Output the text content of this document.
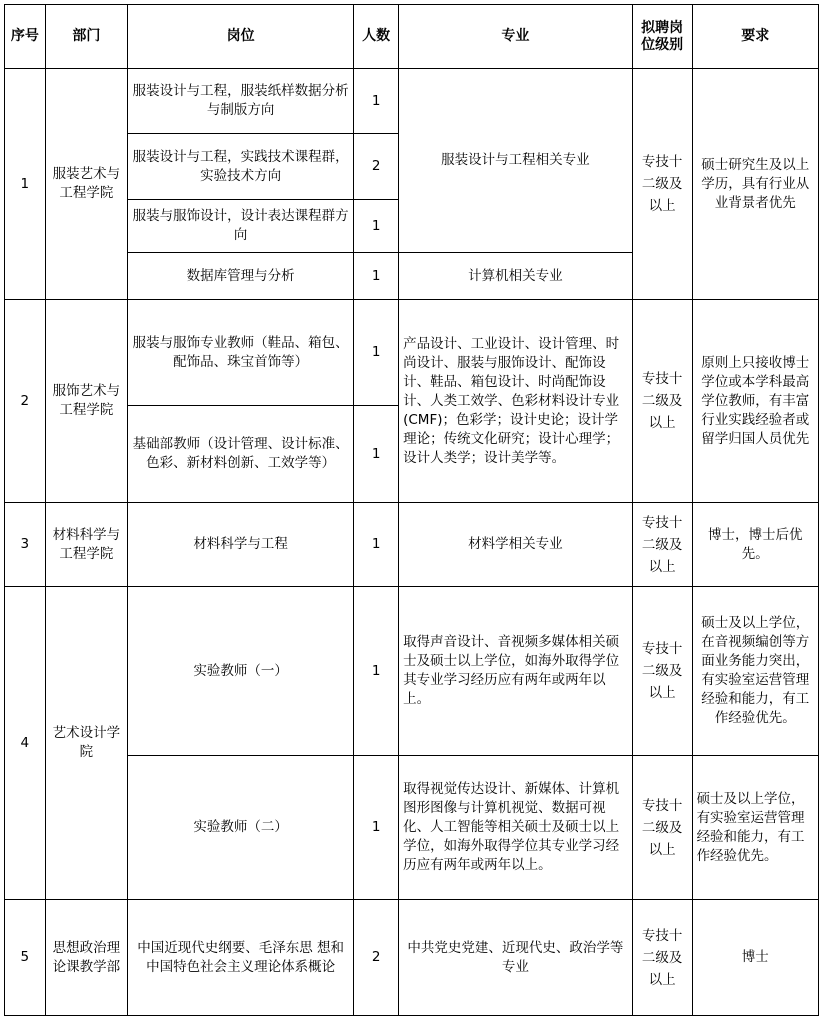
序号	部门	岗位	人数	专业	拟聘岗位级别	要求
1	服装艺术与工程学院	服装设计与工程，服装纸样数据分析与制版方向	1	服装设计与工程相关专业	专技十二级及以上	硕士研究生及以上学历，具有行业从业背景者优先
		服装设计与工程，实践技术课程群，实验技术方向	2			
		服装与服饰设计，设计表达课程群方向	1			
		数据库管理与分析	1	计算机相关专业		
2	服饰艺术与工程学院	服装与服饰专业教师（鞋品、箱包、配饰品、珠宝首饰等）	1	产品设计、工业设计、设计管理、时尚设计、服装与服饰设计、配饰设计、鞋品、箱包设计、时尚配饰设计、人类工效学、色彩材料设计专业(CMF)；色彩学；设计史论；设计学理论；传统文化研究；设计心理学；设计人类学；设计美学等。	专技十二级及以上	原则上只接收博士学位或本学科最高学位教师，有丰富行业实践经验者或留学归国人员优先
		基础部教师（设计管理、设计标准、色彩、新材料创新、工效学等）	1			
3	材料科学与工程学院	材料科学与工程	1	材料学相关专业	专技十二级及以上	博士，博士后优先。
4	艺术设计学院	实验教师（一）	1	取得声音设计、音视频多媒体相关硕士及硕士以上学位，如海外取得学位其专业学习经历应有两年或两年以上。	专技十二级及以上	硕士及以上学位，在音视频编创等方面业务能力突出，有实验室运营管理经验和能力，有工作经验优先。
		实验教师（二）	1	取得视觉传达设计、新媒体、计算机图形图像与计算机视觉、数据可视化、人工智能等相关硕士及硕士以上学位，如海外取得学位其专业学习经历应有两年或两年以上。	专技十二级及以上	硕士及以上学位，有实验室运营管理经验和能力，有工作经验优先。
5	思想政治理论课教学部	中国近现代史纲要、毛泽东思 想和中国特色社会主义理论体系概论	2	中共党史党建、近现代史、政治学等专业	专技十二级及以上	博士
